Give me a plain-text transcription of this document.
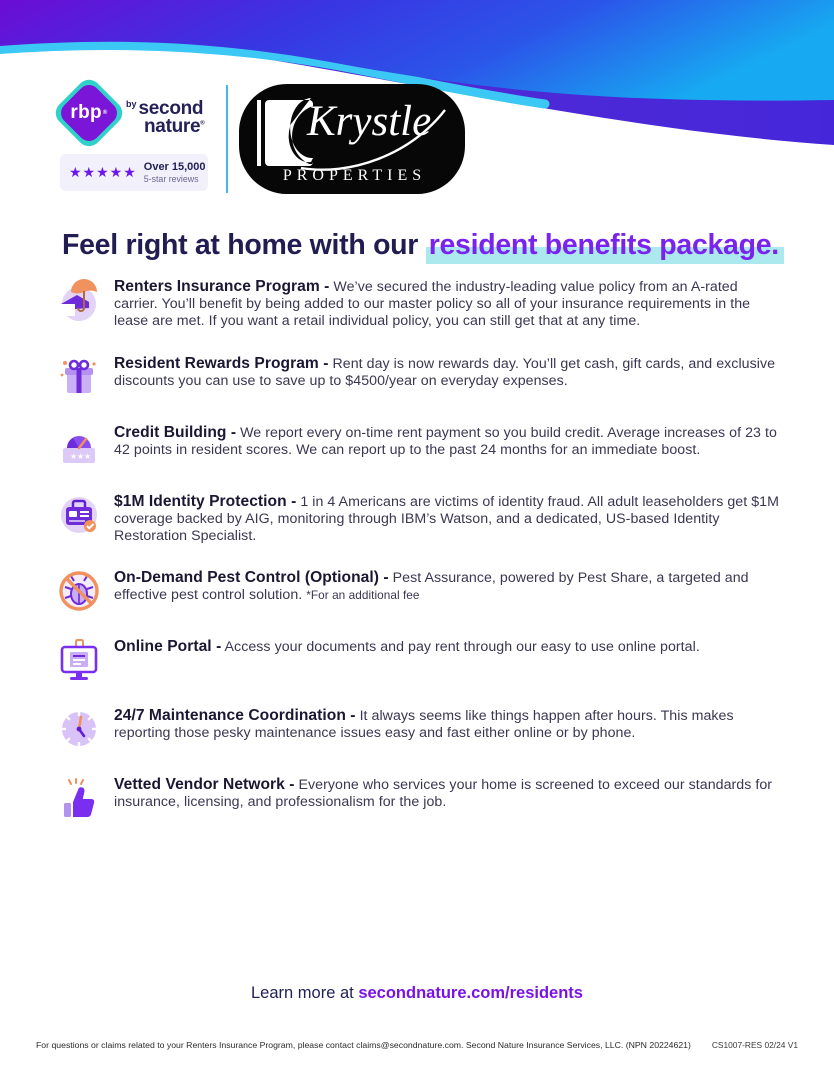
rbp ®
$^{by}$ second
nature®
★★★★★ Over 15,000
5-star reviews
Krystle
PROPERTIES
Feel right at home with our resident benefits package.
Renters Insurance Program - We’ve secured the industry-leading value policy from an A-rated carrier. You’ll benefit by being added to our master policy so all of your insurance requirements in the lease are met. If you want a retail individual policy, you can still get that at any time.
Resident Rewards Program - Rent day is now rewards day. You’ll get cash, gift cards, and exclusive discounts you can use to save up to $4500/year on everyday expenses.
★ ★ ★
Credit Building - We report every on-time rent payment so you build credit. Average increases of 23 to 42 points in resident scores. We can report up to the past 24 months for an immediate boost.
$1M Identity Protection - 1 in 4 Americans are victims of identity fraud. All adult leaseholders get $1M coverage backed by AIG, monitoring through IBM’s Watson, and a dedicated, US-based Identity Restoration Specialist.
On-Demand Pest Control (Optional) - Pest Assurance, powered by Pest Share, a targeted and effective pest control solution. *For an additional fee
Online Portal - Access your documents and pay rent through our easy to use online portal.
24/7 Maintenance Coordination - It always seems like things happen after hours. This makes reporting those pesky maintenance issues easy and fast either online or by phone.
Vetted Vendor Network - Everyone who services your home is screened to exceed our standards for insurance, licensing, and professionalism for the job.
Learn more at secondnature.com/residents
For questions or claims related to your Renters Insurance Program, please contact claims@secondnature.com. Second Nature Insurance Services, LLC. (NPN 20224621) CS1007-RES 02/24 V1
